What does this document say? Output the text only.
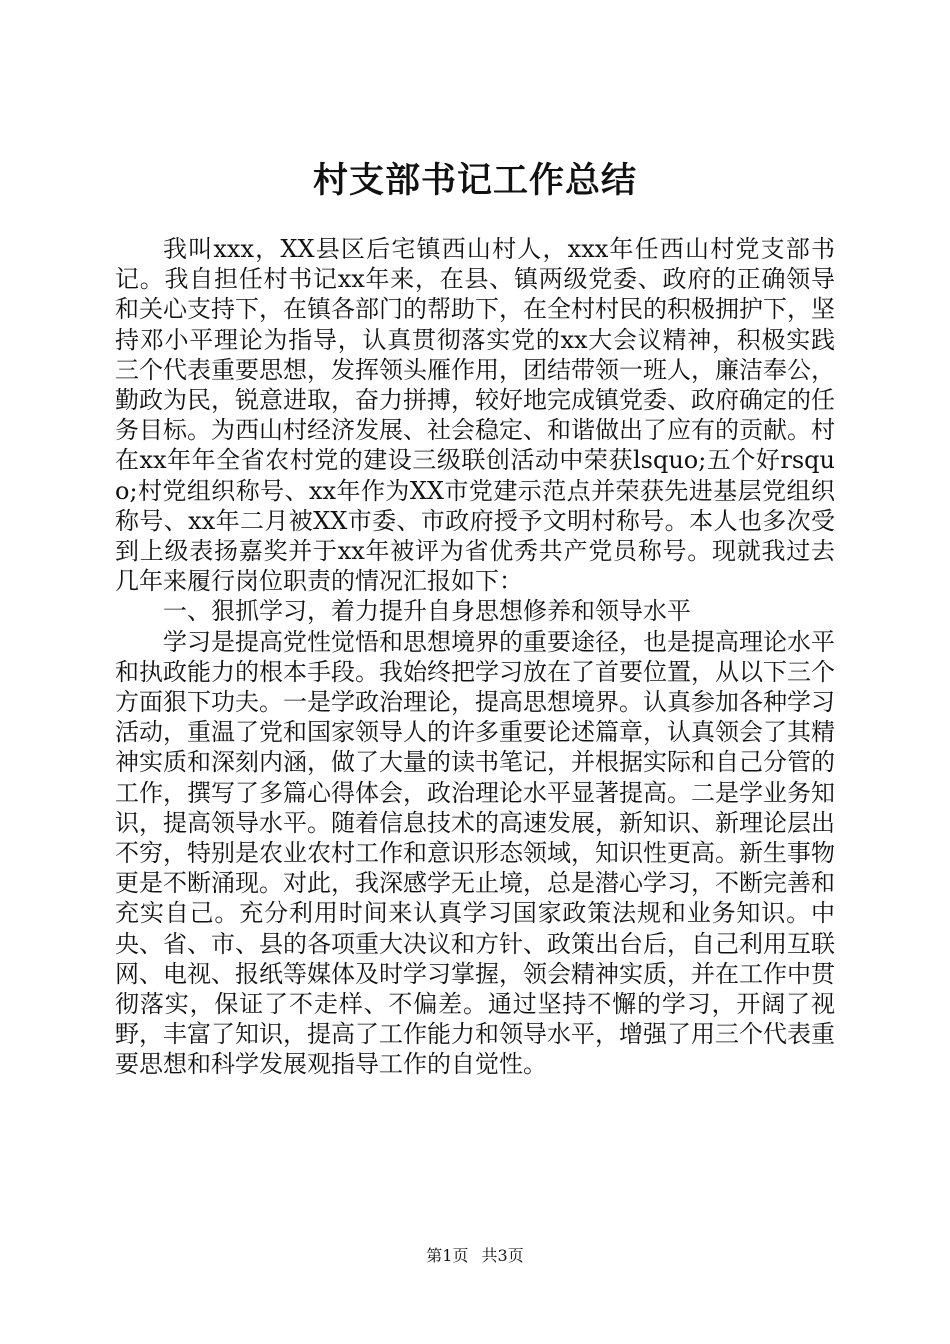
村支部书记工作总结

我叫xxx，XX县区后宅镇西山村人，xxx年任西山村党支部书记。我自担任村书记xx年来，在县、镇两级党委、政府的正确领导和关心支持下，在镇各部门的帮助下，在全村村民的积极拥护下，坚持邓小平理论为指导，认真贯彻落实党的xx大会议精神，积极实践三个代表重要思想，发挥领头雁作用，团结带领一班人，廉洁奉公，勤政为民，锐意进取，奋力拼搏，较好地完成镇党委、政府确定的任务目标。为西山村经济发展、社会稳定、和谐做出了应有的贡献。村在xx年年全省农村党的建设三级联创活动中荣获lsquo;五个好rsquo;村党组织称号、xx年作为XX市党建示范点并荣获先进基层党组织称号、xx年二月被XX市委、市政府授予文明村称号。本人也多次受到上级表扬嘉奖并于xx年被评为省优秀共产党员称号。现就我过去几年来履行岗位职责的情况汇报如下：

一、狠抓学习，着力提升自身思想修养和领导水平

学习是提高党性觉悟和思想境界的重要途径，也是提高理论水平和执政能力的根本手段。我始终把学习放在了首要位置，从以下三个方面狠下功夫。一是学政治理论，提高思想境界。认真参加各种学习活动，重温了党和国家领导人的许多重要论述篇章，认真领会了其精神实质和深刻内涵，做了大量的读书笔记，并根据实际和自己分管的工作，撰写了多篇心得体会，政治理论水平显著提高。二是学业务知识，提高领导水平。随着信息技术的高速发展，新知识、新理论层出不穷，特别是农业农村工作和意识形态领域，知识性更高。新生事物更是不断涌现。对此，我深感学无止境，总是潜心学习，不断完善和充实自己。充分利用时间来认真学习国家政策法规和业务知识。中央、省、市、县的各项重大决议和方针、政策出台后，自己利用互联网、电视、报纸等媒体及时学习掌握，领会精神实质，并在工作中贯彻落实，保证了不走样、不偏差。通过坚持不懈的学习，开阔了视野，丰富了知识，提高了工作能力和领导水平，增强了用三个代表重要思想和科学发展观指导工作的自觉性。

第1页 共3页
